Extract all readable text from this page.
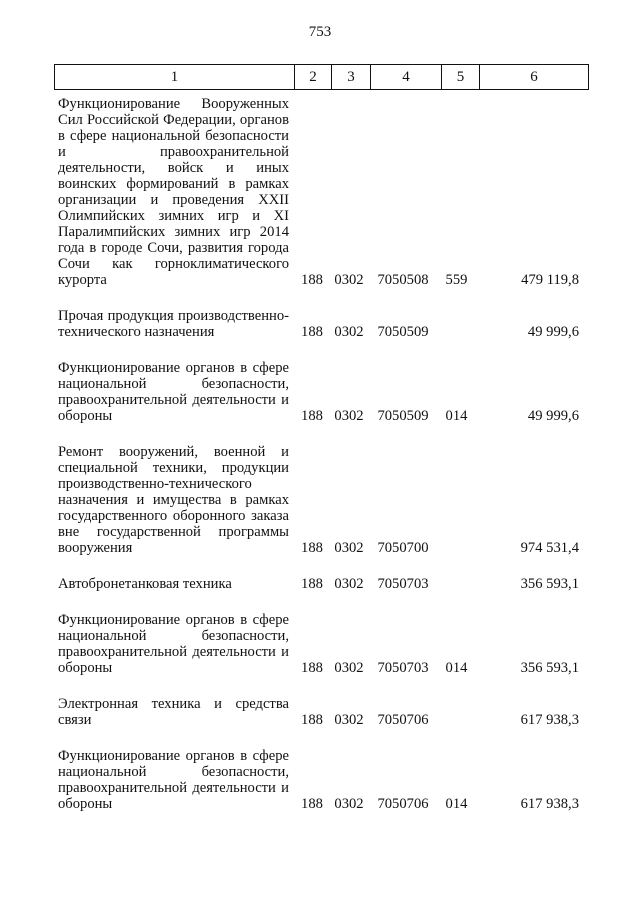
753
1	2	3	4	5	6
Функционирование Вооруженных Сил Российской Федерации, органов в сфере национальной безопасности и правоохранительной деятельности, войск и иных воинских формирований в рамках организации и проведения XXII Олимпийских зимних игр и XI Паралимпийских зимних игр 2014 года в городе Сочи, развития города Сочи как горноклиматического курорта	188	0302	7050508	559	479 119,8

Прочая продукция производственно-технического назначения	188	0302	7050509		49 999,6

Функционирование органов в сфере национальной безопасности, правоохранительной деятельности и обороны	188	0302	7050509	014	49 999,6

Ремонт вооружений, военной и специальной техники, продукции производственно-технического назначения и имущества в рамках государственного оборонного заказа вне государственной программы вооружения	188	0302	7050700		974 531,4

Автобронетанковая техника	188	0302	7050703		356 593,1

Функционирование органов в сфере национальной безопасности, правоохранительной деятельности и обороны	188	0302	7050703	014	356 593,1

Электронная техника и средства связи	188	0302	7050706		617 938,3

Функционирование органов в сфере национальной безопасности, правоохранительной деятельности и обороны	188	0302	7050706	014	617 938,3
